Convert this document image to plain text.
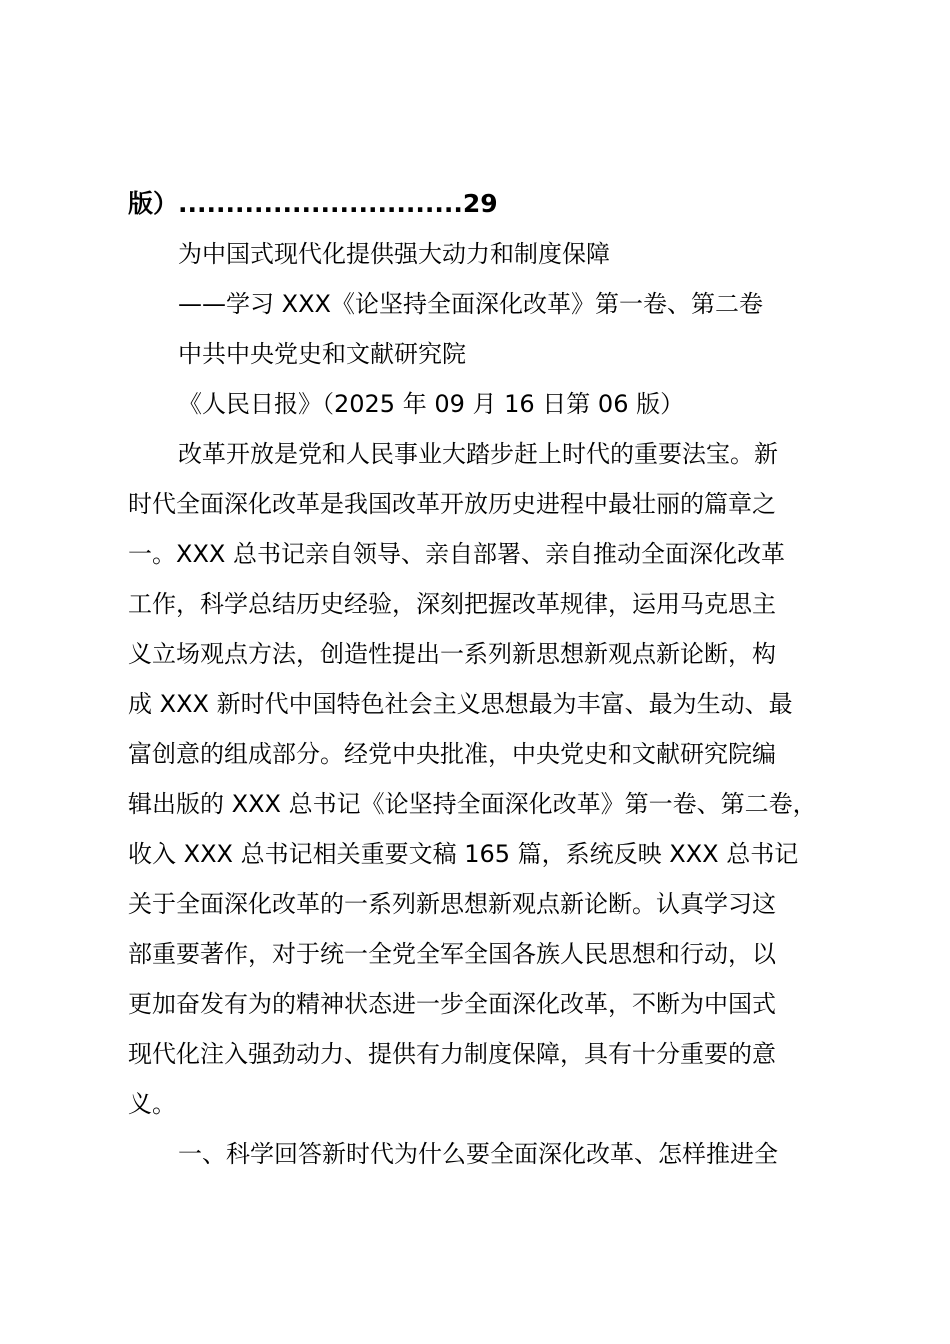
版）..............................29
为中国式现代化提供强大动力和制度保障
——学习 XXX《论坚持全面深化改革》第一卷、第二卷
中共中央党史和文献研究院
《人民日报》（2025 年 09 月 16 日第 06 版）
改革开放是党和人民事业大踏步赶上时代的重要法宝。新
时代全面深化改革是我国改革开放历史进程中最壮丽的篇章之
一。XXX 总书记亲自领导、亲自部署、亲自推动全面深化改革
工作，科学总结历史经验，深刻把握改革规律，运用马克思主
义立场观点方法，创造性提出一系列新思想新观点新论断，构
成 XXX 新时代中国特色社会主义思想最为丰富、最为生动、最
富创意的组成部分。经党中央批准，中央党史和文献研究院编
辑出版的 XXX 总书记《论坚持全面深化改革》第一卷、第二卷，
收入 XXX 总书记相关重要文稿 165 篇，系统反映 XXX 总书记
关于全面深化改革的一系列新思想新观点新论断。认真学习这
部重要著作，对于统一全党全军全国各族人民思想和行动，以
更加奋发有为的精神状态进一步全面深化改革，不断为中国式
现代化注入强劲动力、提供有力制度保障，具有十分重要的意
义。
一、科学回答新时代为什么要全面深化改革、怎样推进全
